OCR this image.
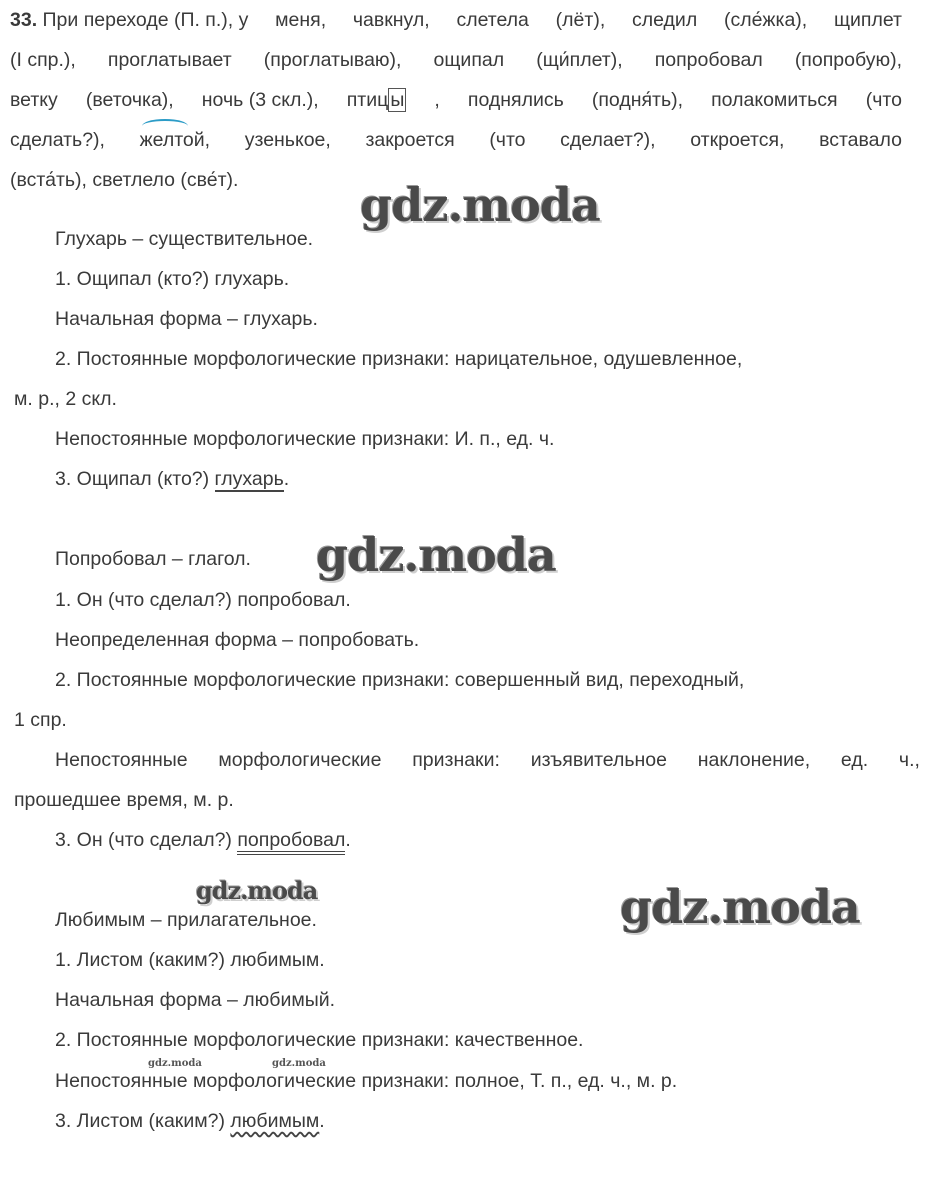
33. При переходе (П. п.), у меня, чавкнул, слетела (лёт), следил (сле́жка), щиплет
(I спр.), проглатывает (проглатываю), ощипал (щи́плет), попробовал (попробую),
ветку (веточка), ночь (3 скл.), птиц ы , поднялись (подня́ть), полакомиться (что
сделать?), желтой, узенькое, закроется (что сделает?), откроется, вставало
(вста́ть), светлело (све́т).
Глухарь – существительное.
1. Ощипал (кто?) глухарь.
Начальная форма – глухарь.
2. Постоянные морфологические признаки: нарицательное, одушевленное,
м. р., 2 скл.
Непостоянные морфологические признаки: И. п., ед. ч.
3. Ощипал (кто?) глухарь.
Попробовал – глагол.
1. Он (что сделал?) попробовал.
Неопределенная форма – попробовать.
2. Постоянные морфологические признаки: совершенный вид, переходный,
1 спр.
Непостоянные морфологические признаки: изъявительное наклонение, ед. ч.,
прошедшее время, м. р.
3. Он (что сделал?) попробовал.
Любимым – прилагательное.
1. Листом (каким?) любимым.
Начальная форма – любимый.
2. Постоянные морфологические признаки: качественное.
Непостоянные морфологические признаки: полное, Т. п., ед. ч., м. р.
3. Листом (каким?) любимым.
gdz.moda
gdz.moda
gdz.moda	gdz.moda
gdz.moda	gdz.moda
